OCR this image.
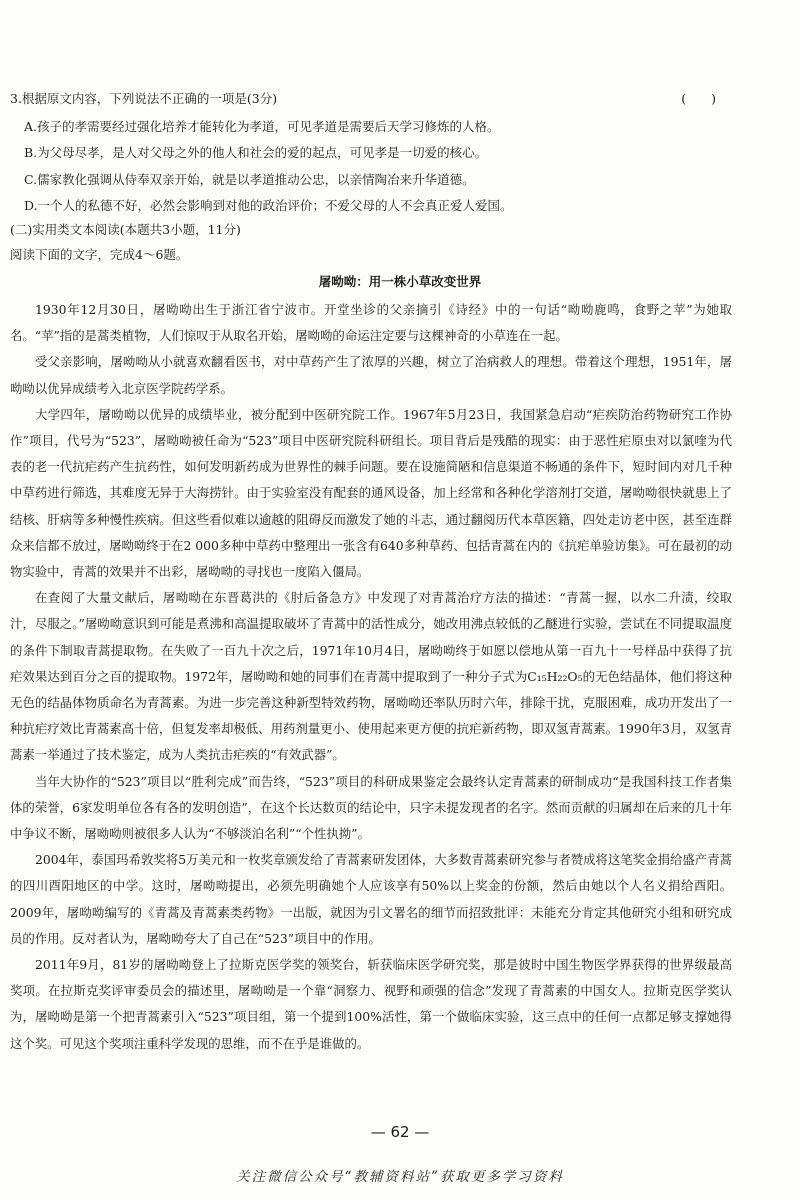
3.根据原文内容，下列说法不正确的一项是(3分)	(　　)
A.孩子的孝需要经过强化培养才能转化为孝道，可见孝道是需要后天学习修炼的人格。
B.为父母尽孝，是人对父母之外的他人和社会的爱的起点，可见孝是一切爱的核心。
C.儒家教化强调从侍奉双亲开始，就是以孝道推动公忠，以亲情陶冶来升华道德。
D.一个人的私德不好，必然会影响到对他的政治评价；不爱父母的人不会真正爱人爱国。
(二)实用类文本阅读(本题共3小题，11分)
阅读下面的文字，完成4～6题。
屠呦呦：用一株小草改变世界

1930年12月30日，屠呦呦出生于浙江省宁波市。开堂坐诊的父亲摘引《诗经》中的一句话“呦呦鹿鸣，食野之苹”为她取名。“苹”指的是蒿类植物，人们惊叹于从取名开始，屠呦呦的命运注定要与这棵神奇的小草连在一起。

受父亲影响，屠呦呦从小就喜欢翻看医书，对中草药产生了浓厚的兴趣，树立了治病救人的理想。带着这个理想，1951年，屠呦呦以优异成绩考入北京医学院药学系。

大学四年，屠呦呦以优异的成绩毕业，被分配到中医研究院工作。1967年5月23日，我国紧急启动“疟疾防治药物研究工作协作”项目，代号为“523”，屠呦呦被任命为“523”项目中医研究院科研组长。项目背后是残酷的现实：由于恶性疟原虫对以氯喹为代表的老一代抗疟药产生抗药性，如何发明新药成为世界性的棘手问题。要在设施简陋和信息渠道不畅通的条件下，短时间内对几千种中草药进行筛选，其难度无异于大海捞针。由于实验室没有配套的通风设备，加上经常和各种化学溶剂打交道，屠呦呦很快就患上了结核、肝病等多种慢性疾病。但这些看似难以逾越的阻碍反而激发了她的斗志，通过翻阅历代本草医籍，四处走访老中医，甚至连群众来信都不放过，屠呦呦终于在2 000多种中草药中整理出一张含有640多种草药、包括青蒿在内的《抗疟单验访集》。可在最初的动物实验中，青蒿的效果并不出彩，屠呦呦的寻找也一度陷入僵局。

在查阅了大量文献后，屠呦呦在东晋葛洪的《肘后备急方》中发现了对青蒿治疗方法的描述：“青蒿一握，以水二升渍，绞取汁，尽服之。”屠呦呦意识到可能是煮沸和高温提取破坏了青蒿中的活性成分，她改用沸点较低的乙醚进行实验，尝试在不同提取温度的条件下制取青蒿提取物。在失败了一百九十次之后，1971年10月4日，屠呦呦终于如愿以偿地从第一百九十一号样品中获得了抗疟效果达到百分之百的提取物。1972年，屠呦呦和她的同事们在青蒿中提取到了一种分子式为C₁₅H₂₂O₅的无色结晶体，他们将这种无色的结晶体物质命名为青蒿素。为进一步完善这种新型特效药物，屠呦呦还率队历时六年，排除干扰，克服困难，成功开发出了一种抗疟疗效比青蒿素高十倍，但复发率却极低、用药剂量更小、使用起来更方便的抗疟新药物，即双氢青蒿素。1990年3月，双氢青蒿素一举通过了技术鉴定，成为人类抗击疟疾的“有效武器”。

当年大协作的“523”项目以“胜利完成”而告终，“523”项目的科研成果鉴定会最终认定青蒿素的研制成功“是我国科技工作者集体的荣誉，6家发明单位各有各的发明创造”，在这个长达数页的结论中，只字未提发现者的名字。然而贡献的归属却在后来的几十年中争议不断，屠呦呦则被很多人认为“不够淡泊名利”“个性执拗”。

2004年，泰国玛希敦奖将5万美元和一枚奖章颁发给了青蒿素研发团体，大多数青蒿素研究参与者赞成将这笔奖金捐给盛产青蒿的四川酉阳地区的中学。这时，屠呦呦提出，必须先明确她个人应该享有50%以上奖金的份额，然后由她以个人名义捐给酉阳。2009年，屠呦呦编写的《青蒿及青蒿素类药物》一出版，就因为引文署名的细节而招致批评：未能充分肯定其他研究小组和研究成员的作用。反对者认为，屠呦呦夸大了自己在“523”项目中的作用。

2011年9月，81岁的屠呦呦登上了拉斯克医学奖的领奖台，斩获临床医学研究奖，那是彼时中国生物医学界获得的世界级最高奖项。在拉斯克奖评审委员会的描述里，屠呦呦是一个靠“洞察力、视野和顽强的信念”发现了青蒿素的中国女人。拉斯克医学奖认为，屠呦呦是第一个把青蒿素引入“523”项目组，第一个提到100%活性，第一个做临床实验，这三点中的任何一点都足够支撑她得这个奖。可见这个奖项注重科学发现的思维，而不在乎是谁做的。

— 62 —
关注微信公众号“教辅资料站”获取更多学习资料
